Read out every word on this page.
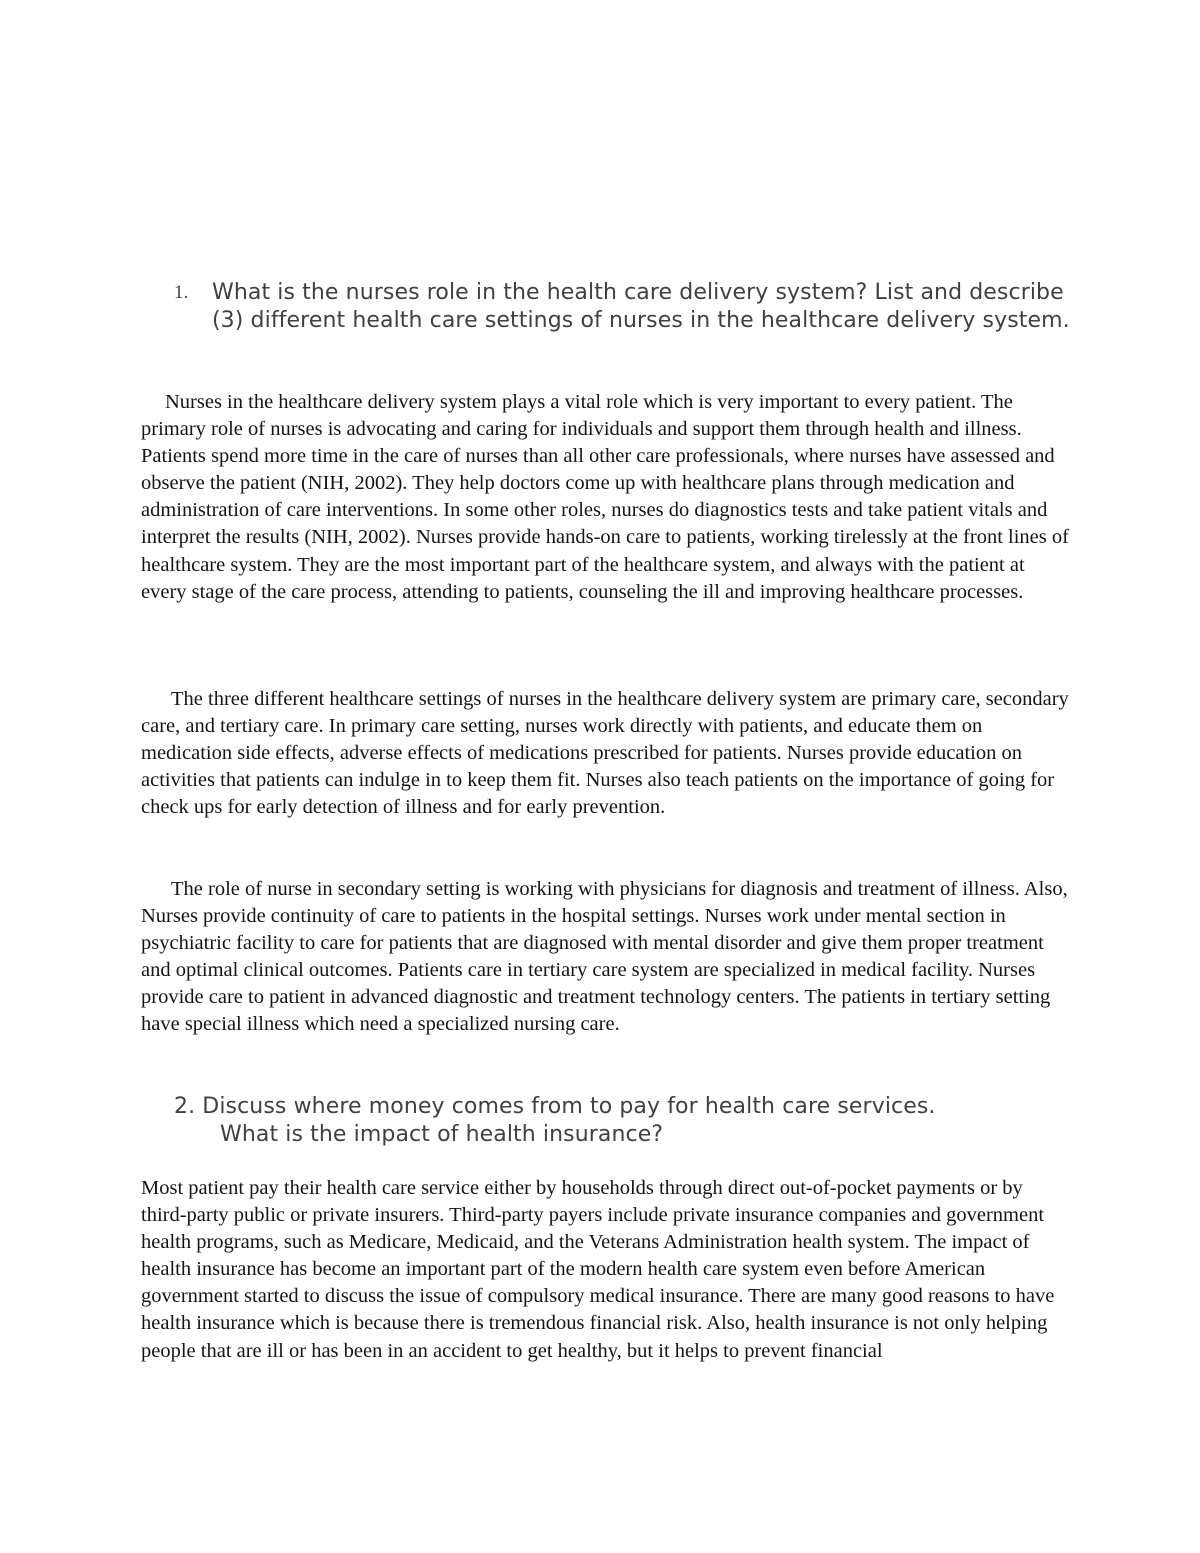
1. What is the nurses role in the health care delivery system? List and describe (3) different health care settings of nurses in the healthcare delivery system.

Nurses in the healthcare delivery system plays a vital role which is very important to every patient. The primary role of nurses is advocating and caring for individuals and support them through health and illness. Patients spend more time in the care of nurses than all other care professionals, where nurses have assessed and observe the patient (NIH, 2002). They help doctors come up with healthcare plans through medication and administration of care interventions. In some other roles, nurses do diagnostics tests and take patient vitals and interpret the results (NIH, 2002). Nurses provide hands-on care to patients, working tirelessly at the front lines of healthcare system. They are the most important part of the healthcare system, and always with the patient at every stage of the care process, attending to patients, counseling the ill and improving healthcare processes.

The three different healthcare settings of nurses in the healthcare delivery system are primary care, secondary care, and tertiary care. In primary care setting, nurses work directly with patients, and educate them on medication side effects, adverse effects of medications prescribed for patients. Nurses provide education on activities that patients can indulge in to keep them fit. Nurses also teach patients on the importance of going for check ups for early detection of illness and for early prevention.

The role of nurse in secondary setting is working with physicians for diagnosis and treatment of illness. Also, Nurses provide continuity of care to patients in the hospital settings. Nurses work under mental section in psychiatric facility to care for patients that are diagnosed with mental disorder and give them proper treatment and optimal clinical outcomes. Patients care in tertiary care system are specialized in medical facility. Nurses provide care to patient in advanced diagnostic and treatment technology centers. The patients in tertiary setting have special illness which need a specialized nursing care.

2. Discuss where money comes from to pay for health care services.
What is the impact of health insurance?

Most patient pay their health care service either by households through direct out-of-pocket payments or by third-party public or private insurers. Third-party payers include private insurance companies and government health programs, such as Medicare, Medicaid, and the Veterans Administration health system. The impact of health insurance has become an important part of the modern health care system even before American government started to discuss the issue of compulsory medical insurance. There are many good reasons to have health insurance which is because there is tremendous financial risk. Also, health insurance is not only helping people that are ill or has been in an accident to get healthy, but it helps to prevent financial
